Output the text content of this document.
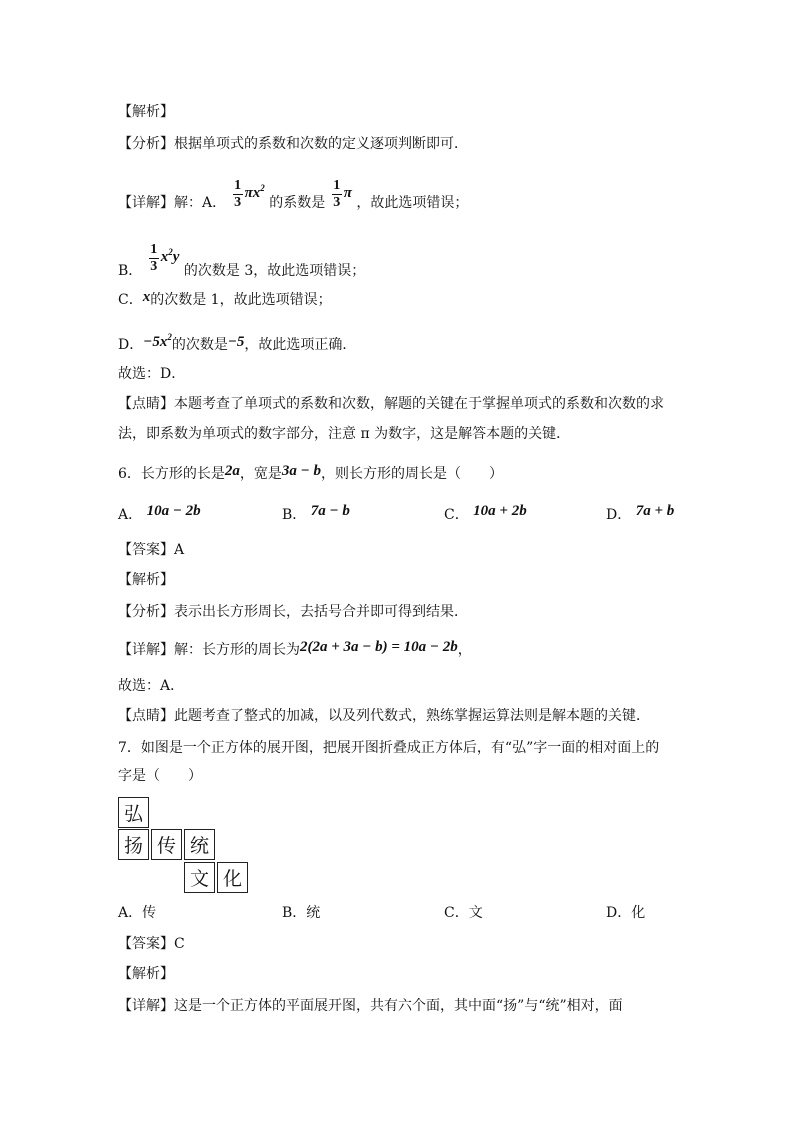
【解析】
【分析】根据单项式的系数和次数的定义逐项判断即可．
【详解】解：A． $\frac{1}{3} \pi x^2$ 的系数是 $\frac{1}{3}$ π ，故此选项错误；
B． $\frac{1}{3} x^2y$ 的次数是 3，故此选项错误；
C．x的次数是 1，故此选项错误；
D．$-5x^2$的次数是−5，故此选项正确．
故选：D．
【点睛】本题考查了单项式的系数和次数，解题的关键在于掌握单项式的系数和次数的求
法，即系数为单项式的数字部分，注意 π 为数字，这是解答本题的关键．
6．长方形的长是2a，宽是3a − b，则长方形的周长是（　　）
A． 10a − 2b	B． 7a − b	C． 10a + 2b	D． 7a + b
【答案】A
【解析】
【分析】表示出长方形周长，去括号合并即可得到结果．
【详解】解：长方形的周长为2(2a + 3a − b) = 10a − 2b，
故选：A．
【点睛】此题考查了整式的加减，以及列代数式，熟练掌握运算法则是解本题的关键．
7．如图是一个正方体的展开图，把展开图折叠成正方体后，有“弘”字一面的相对面上的
字是（　　）
弘
扬 传 统
文 化
A．传	B．统	C．文	D．化
【答案】C
【解析】
【详解】这是一个正方体的平面展开图，共有六个面，其中面“扬”与“统”相对，面
